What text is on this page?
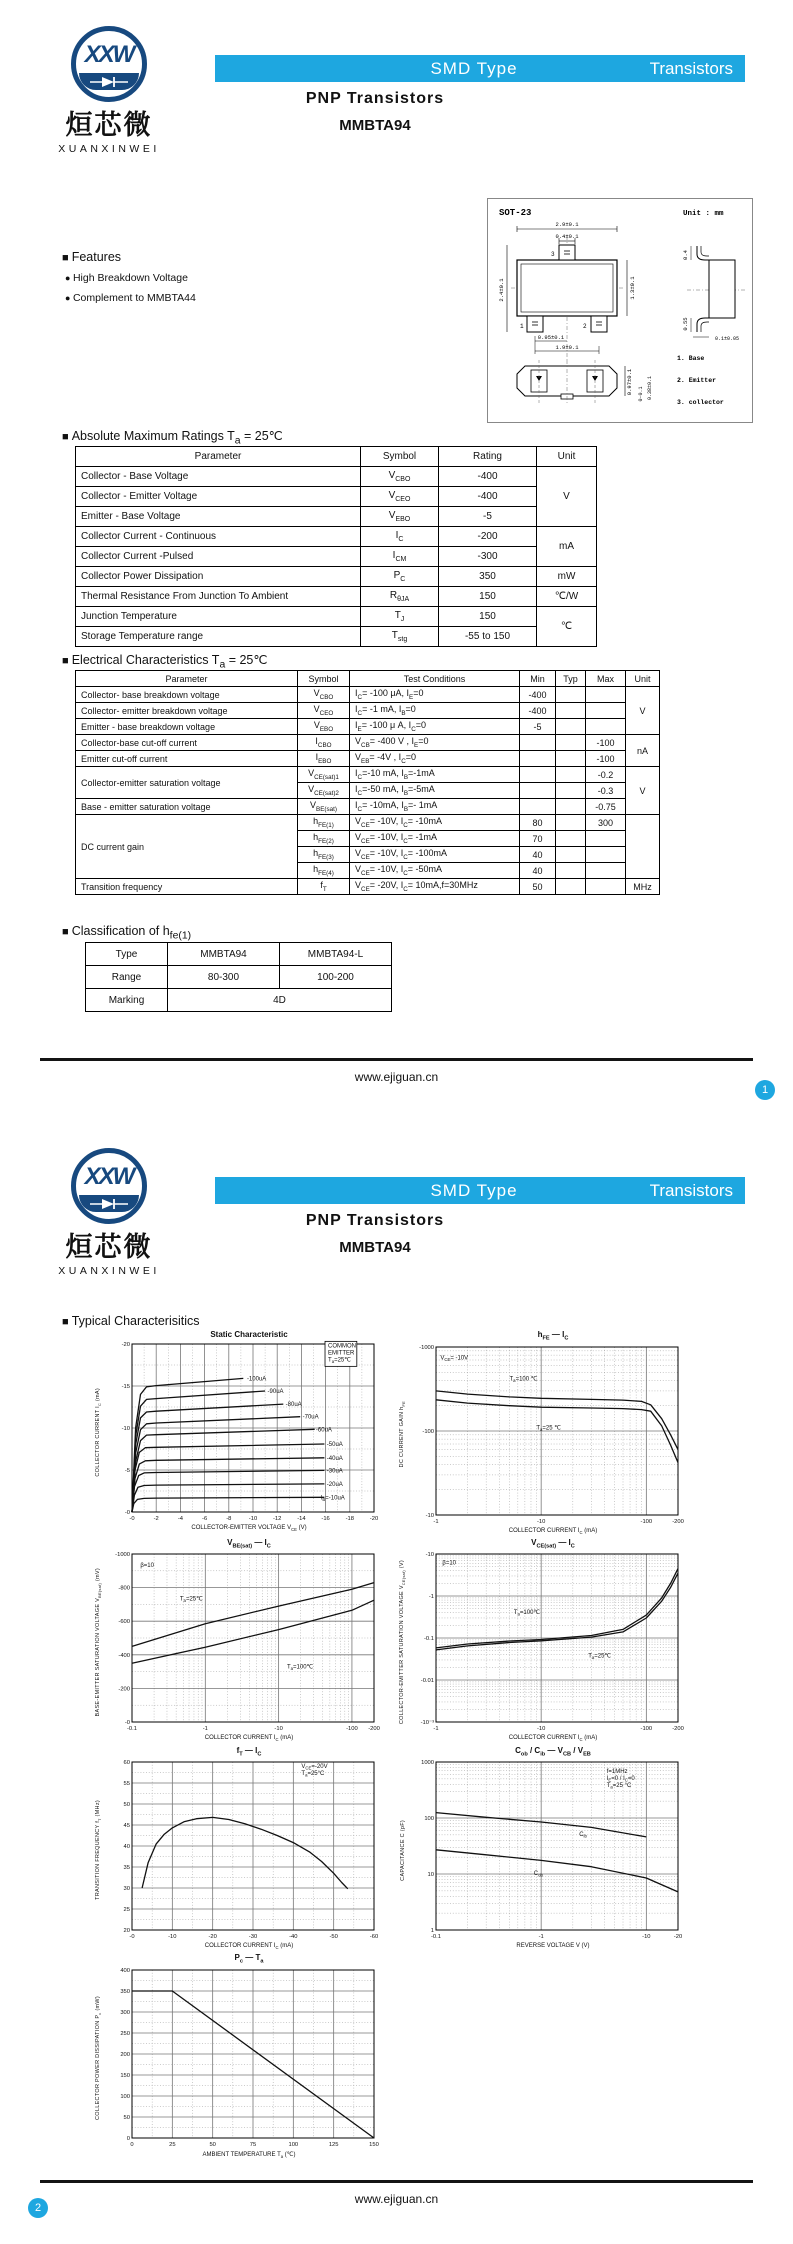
XXW
烜芯微
XUANXINWEI
SMD Type	Transistors
PNP Transistors
MMBTA94
■ Features
● High Breakdown Voltage
● Complement to MMBTA44
SOT-23	Unit : mm
3
1	2
2.9±0.1
0.4±0.1
2.4±0.1	1.3±0.1
0.95±0.1
1.9±0.1
0.4
0.55
0.1±0.05
0.97±0.1 0-0.1 0.38±0.1
1. Base
2. Emitter
3. collector
■ Absolute Maximum Ratings $T_a$ = 25℃
Parameter	Symbol	Rating	Unit
Collector - Base Voltage	$V_{CBO}$	-400	V
Collector - Emitter Voltage	$V_{CEO}$	-400	
Emitter - Base Voltage	$V_{EBO}$	-5	
Collector Current - Continuous	$I_C$	-200	mA
Collector Current -Pulsed	$I_{CM}$	-300	
Collector Power Dissipation	$P_C$	350	mW
Thermal Resistance From Junction To Ambient	$R_{\theta JA}$	150	℃/W
Junction Temperature	$T_J$	150	℃
Storage Temperature range	$T_{stg}$	-55 to 150	
■ Electrical Characteristics $T_a$ = 25℃
Parameter	Symbol	Test Conditions	Min	Typ	Max	Unit
Collector- base breakdown voltage	$V_{CBO}$	$I_C= -100$ μA, $I_E=0$	-400			V
Collector- emitter breakdown voltage	$V_{CEO}$	$I_C= -1$ mA, $I_B=0$	-400			
Emitter - base breakdown voltage	$V_{EBO}$	$I_E= -100$ μ A, $I_C=0$	-5			
Collector-base cut-off current	$I_{CBO}$	$V_{CB}= -400$ V , $I_E=0$			-100	nA
Emitter cut-off current	$I_{EBO}$	$V_{EB}= -4V$ , $I_C=0$			-100	
Collector-emitter saturation voltage	$V_{CE(sat)1}$	$I_C=-10$ mA, $I_B=-1mA$			-0.2	V
	$V_{CE(sat)2}$	$I_C=-50$ mA, $I_B=-5mA$			-0.3	
Base - emitter saturation voltage	$V_{BE(sat)}$	$I_C= -10mA$, $I_B=-$ 1mA			-0.75	
DC current gain	$h_{FE(1)}$	$V_{CE}= -10V$, $I_C= -10mA$	80		300	
	$h_{FE(2)}$	$V_{CE}= -10V$, $I_C= -1mA$	70			
	$h_{FE(3)}$	$V_{CE}= -10V$, $I_C= -100mA$	40			
	$h_{FE(4)}$	$V_{CE}= -10V$, $I_C= -50mA$	40			
Transition frequency	$f_T$	$V_{CE}= -20V$, $I_C= 10mA,f=30MHz$	50			MHz
■ Classification of $h_{fe(1)}$
Type	MMBTA94	MMBTA94-L
Range	80-300	100-200
Marking	4D	
www.ejiguan.cn
1
XXW
烜芯微
XUANXINWEI
SMD Type	Transistors
PNP Transistors
MMBTA94
■ Typical Characterisitics
Static Characteristic
COLLECTOR CURRENT $I_C$ (mA)
-0	-2	-4	-6	-8	-10	-12	-14	-16	-18	-20
-0
-5
-10
-15
-20
-100uA
-90uA
-80uA
-70uA
-60uA
-50uA
-40uA
-30uA
-20uA
$I_B=-10uA$
COMMON
EMITTER
$T_a=25℃$
COLLECTOR-EMITTER VOLTAGE $V_{CE}$ (V)
$h_{FE}$ ― $I_C$
DC CURRENT GAIN $h_{FE}$
-1	-10	-100	-200
-10
-100
-1000
$V_{CE}= -10V$
$T_a=100$ ℃
$T_a=25$ ℃
COLLECTOR CURRENT $I_C$ (mA)
$V_{BE(sat)}$ ― $I_C$
BASE-EMITTER SATURATION VOLTAGE $V_{BE(sat)}$ (mV)
-0.1	-1	-10	-100 -200
-0
-200
-400
-600
-800
-1000
β=10
$T_a=25℃$
$T_a=100℃$
COLLECTOR CURRENT $I_C$ (mA)
$V_{CE(sat)}$ ― $I_C$
COLLECTOR-EMITTER SATURATION VOLTAGE $V_{CE(sat)}$ (V)
-1	-10	-100	-200
-10⁻³
-0.01
-0.1
-1
-10
β=10
$T_a=100℃$
$T_a=25℃$
COLLECTOR CURRENT $I_C$ (mA)
$f_T$ ― $I_C$
TRANSITION FREQUENCY $f_T$ (MHz)
-0	-10	-20	-30	-40	-50	-60
20
25
30
35
40
45
50
55
60
$V_{CE}=-20V$
$T_a=25^\circ C$
COLLECTOR CURRENT $I_C$ (mA)
$C_{ob} / C_{ib}$ ― $V_{CB} / V_{EB}$
CAPACITANCE C (pF)
-0.1	-1	-10	-20
1
10
100
1000
f=1MHz
$I_E=0 / I_C=0$
$T_a=25$ °C
$C_{ib}$
$C_{ob}$
REVERSE VOLTAGE V (V)
$P_c$ ― $T_a$
COLLECTOR POWER DISSIPATION $P_c$ (mW)
0	25	50	75	100	125	150
0
50
100
150
200
250
300
350
400
AMBIENT TEMPERATURE $T_a$ (℃)
www.ejiguan.cn
2
